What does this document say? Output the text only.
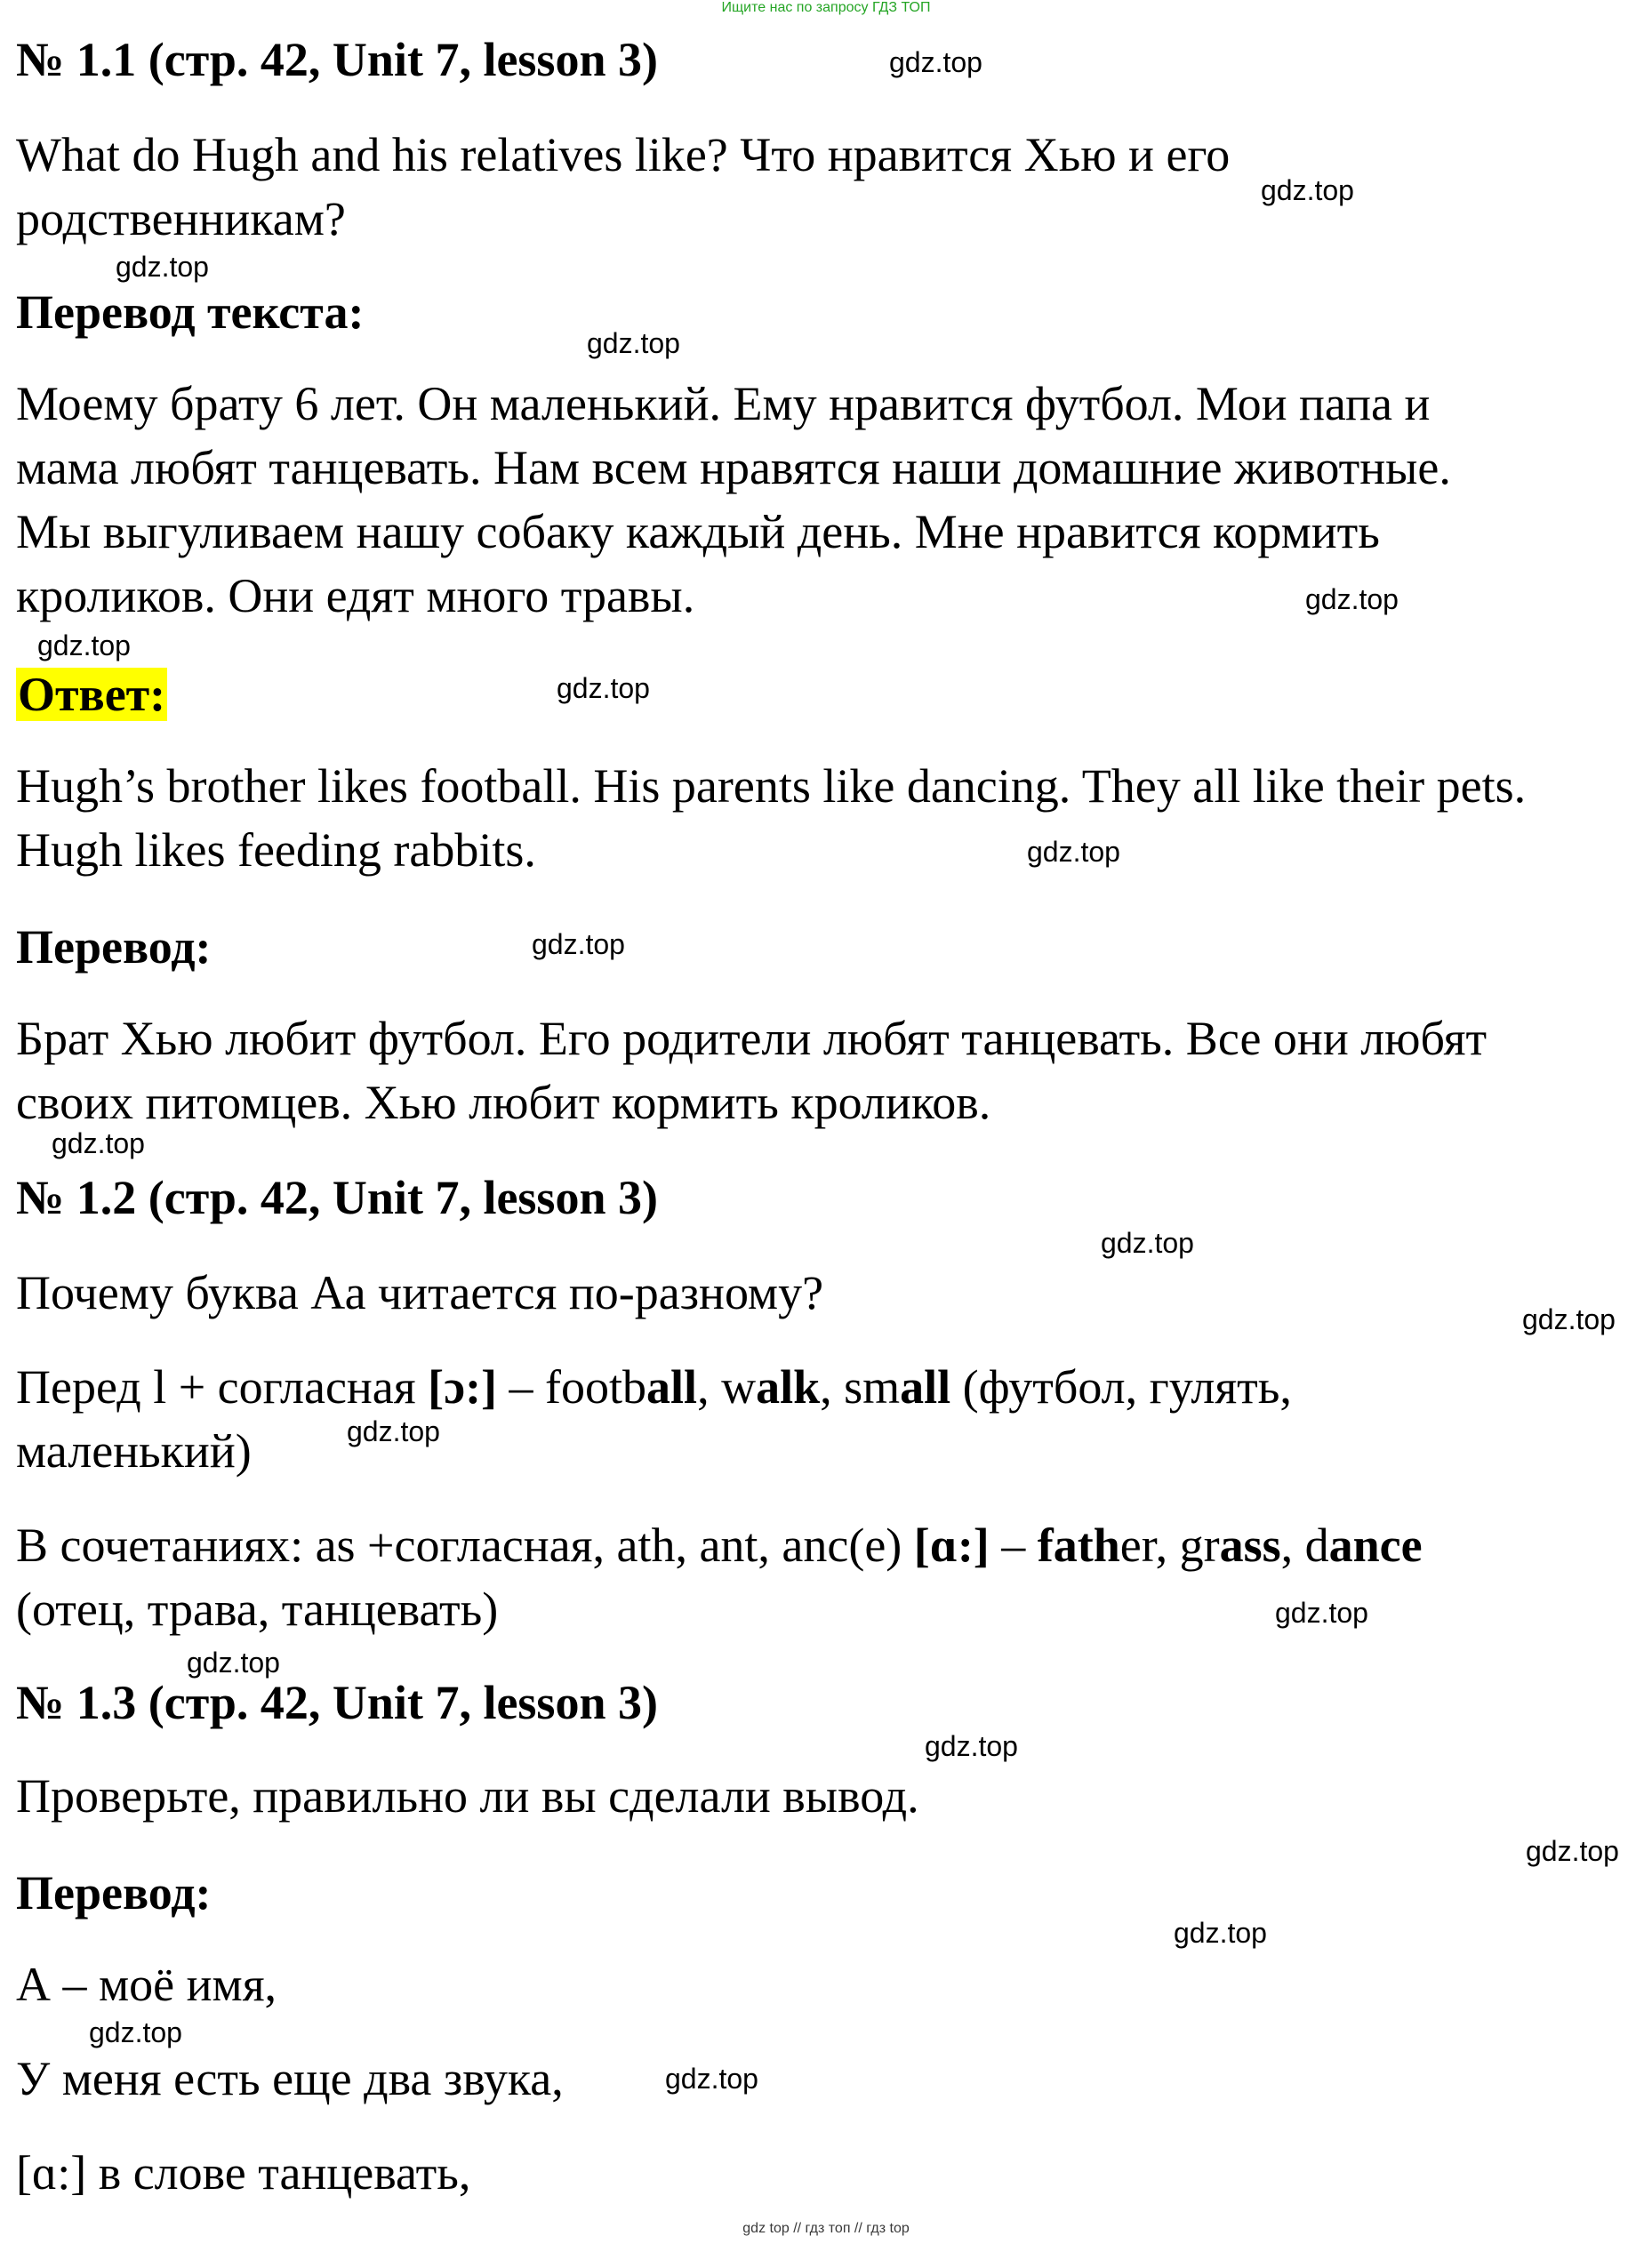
Ищите нас по запросу ГДЗ ТОП
№ 1.1 (стр. 42, Unit 7, lesson 3)
What do Hugh and his relatives like? Что нравится Хью и его
родственникам?
Перевод текста:
Моему брату 6 лет. Он маленький. Ему нравится футбол. Мои папа и
мама любят танцевать. Нам всем нравятся наши домашние животные.
Мы выгуливаем нашу собаку каждый день. Мне нравится кормить
кроликов. Они едят много травы.
Ответ:
Hugh’s brother likes football. His parents like dancing. They all like their pets.
Hugh likes feeding rabbits.
Перевод:
Брат Хью любит футбол. Его родители любят танцевать. Все они любят
своих питомцев. Хью любит кормить кроликов.
№ 1.2 (стр. 42, Unit 7, lesson 3)
Почему буква Аа читается по-разному?
Перед l + согласная [ɔ:] – football, walk, small (футбол, гулять,
маленький)
В сочетаниях: as +согласная, ath, ant, anc(e) [ɑ:] – father, grass, dance
(отец, трава, танцевать)
№ 1.3 (стр. 42, Unit 7, lesson 3)
Проверьте, правильно ли вы сделали вывод.
Перевод:
А – моё имя,
У меня есть еще два звука,
[ɑ:] в слове танцевать,
gdz.top
gdz.top
gdz.top
gdz.top
gdz.top
gdz.top
gdz.top
gdz.top
gdz.top
gdz.top
gdz.top
gdz.top
gdz.top
gdz.top
gdz.top
gdz.top
gdz.top
gdz.top
gdz.top
gdz.top
gdz top // гдз топ // гдз top
